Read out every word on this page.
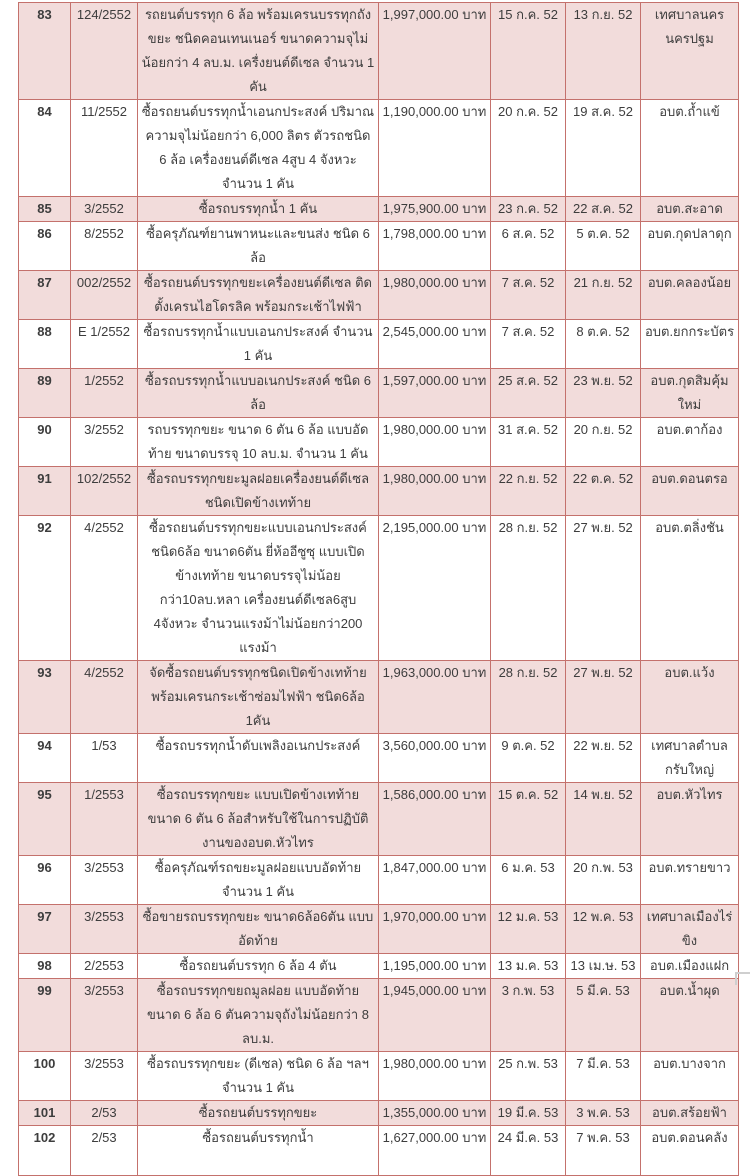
83	124/2552	รถยนต์บรรทุก 6 ล้อ พร้อมเครนบรรทุกถังขยะ ชนิดคอนเทนเนอร์ ขนาดความจุไม่น้อยกว่า 4 ลบ.ม. เครื่งยนต์ดีเซล จำนวน 1 คัน	1,997,000.00 บาท	15 ก.ค. 52	13 ก.ย. 52	เทศบาลนครนครปฐม
84	11/2552	ซื้อรถยนต์บรรทุกน้ำเอนกประสงค์ ปริมาณความจุไม่น้อยกว่า 6,000 ลิตร ตัวรถชนิด 6 ล้อ เครื่องยนต์ดีเซล 4สูบ 4 จังหวะ จำนวน 1 คัน	1,190,000.00 บาท	20 ก.ค. 52	19 ส.ค. 52	อบต.ถ้ำแข้
85	3/2552	ซื้อรถบรรทุกน้ำ 1 คัน	1,975,900.00 บาท	23 ก.ค. 52	22 ส.ค. 52	อบต.สะอาด
86	8/2552	ซื้อครุภัณฑ์ยานพาหนะและขนส่ง ชนิด 6 ล้อ	1,798,000.00 บาท	6 ส.ค. 52	5 ต.ค. 52	อบต.กุดปลาดุก
87	002/2552	ซื้อรถยนต์บรรทุกขยะเครื่องยนต์ดีเซล ติดตั้งเครนไฮโดรลิค พร้อมกระเช้าไฟฟ้า	1,980,000.00 บาท	7 ส.ค. 52	21 ก.ย. 52	อบต.คลองน้อย
88	E 1/2552	ซื้อรถบรรทุกน้ำแบบเอนกประสงค์ จำนวน 1 คัน	2,545,000.00 บาท	7 ส.ค. 52	8 ต.ค. 52	อบต.ยกกระบัตร
89	1/2552	ซื้อรถบรรทุกน้ำแบบอเนกประสงค์ ชนิด 6 ล้อ	1,597,000.00 บาท	25 ส.ค. 52	23 พ.ย. 52	อบต.กุดสิมคุ้มใหม่
90	3/2552	รถบรรทุกขยะ ขนาด 6 ตัน 6 ล้อ แบบอัดท้าย ขนาดบรรจุ 10 ลบ.ม. จำนวน 1 คัน	1,980,000.00 บาท	31 ส.ค. 52	20 ก.ย. 52	อบต.ตาก้อง
91	102/2552	ซื้อรถบรรทุกขยะมูลฝอยเครื่องยนต์ดีเซล ชนิดเปิดข้างเทท้าย	1,980,000.00 บาท	22 ก.ย. 52	22 ต.ค. 52	อบต.ดอนตรอ
92	4/2552	ซื้อรถยนต์บรรทุกขยะแบบเอนกประสงค์ ชนิด6ล้อ ขนาด6ตัน ยี่ห้ออีซูซุ แบบเปิดข้างเทท้าย ขนาดบรรจุไม่น้อยกว่า10ลบ.หลา เครื่องยนต์ดีเซล6สูบ 4จังหวะ จำนวนแรงม้าไม่น้อยกว่า200 แรงม้า	2,195,000.00 บาท	28 ก.ย. 52	27 พ.ย. 52	อบต.ตลิ่งชัน
93	4/2552	จัดซื้อรถยนต์บรรทุกชนิดเปิดข้างเทท้าย พร้อมเครนกระเช้าซ่อมไฟฟ้า ชนิด6ล้อ 1คัน	1,963,000.00 บาท	28 ก.ย. 52	27 พ.ย. 52	อบต.แว้ง
94	1/53	ซื้อรถบรรทุกน้ำดับเพลิงอเนกประสงค์	3,560,000.00 บาท	9 ต.ค. 52	22 พ.ย. 52	เทศบาลตำบลกรับใหญ่
95	1/2553	ซื้อรถบรรทุกขยะ แบบเปิดข้างเทท้าย ขนาด 6 ตัน 6 ล้อสำหรับใช้ในการปฏิบัติงานของอบต.หัวไทร	1,586,000.00 บาท	15 ต.ค. 52	14 พ.ย. 52	อบต.หัวไทร
96	3/2553	ซื้อครุภัณฑ์รถขยะมูลฝอยแบบอัดท้าย จำนวน 1 คัน	1,847,000.00 บาท	6 ม.ค. 53	20 ก.พ. 53	อบต.ทรายขาว
97	3/2553	ซื้อขายรถบรรทุกขยะ ขนาด6ล้อ6ตัน แบบอัดท้าย	1,970,000.00 บาท	12 ม.ค. 53	12 พ.ค. 53	เทศบาลเมืองไร่ขิง
98	2/2553	ซื้อรถยนต์บรรทุก 6 ล้อ 4 ตัน	1,195,000.00 บาท	13 ม.ค. 53	13 เม.ษ. 53	อบต.เมืองแฝก
99	3/2553	ซื้อรถบรรทุกขยถมูลฝอย แบบอัดท้าย ขนาด 6 ล้อ 6 ตันความจุถังไม่น้อยกว่า 8 ลบ.ม.	1,945,000.00 บาท	3 ก.พ. 53	5 มี.ค. 53	อบต.น้ำผุด
100	3/2553	ซื้อรถบรรทุกขยะ (ดีเซล) ชนิด 6 ล้อ ฯลฯ จำนวน 1 คัน	1,980,000.00 บาท	25 ก.พ. 53	7 มี.ค. 53	อบต.บางจาก
101	2/53	ซื้อรถยนต์บรรทุกขยะ	1,355,000.00 บาท	19 มี.ค. 53	3 พ.ค. 53	อบต.สร้อยฟ้า
102	2/53	ซื้อรถยนต์บรรทุกน้ำ	1,627,000.00 บาท	24 มี.ค. 53	7 พ.ค. 53	อบต.ดอนคลัง
